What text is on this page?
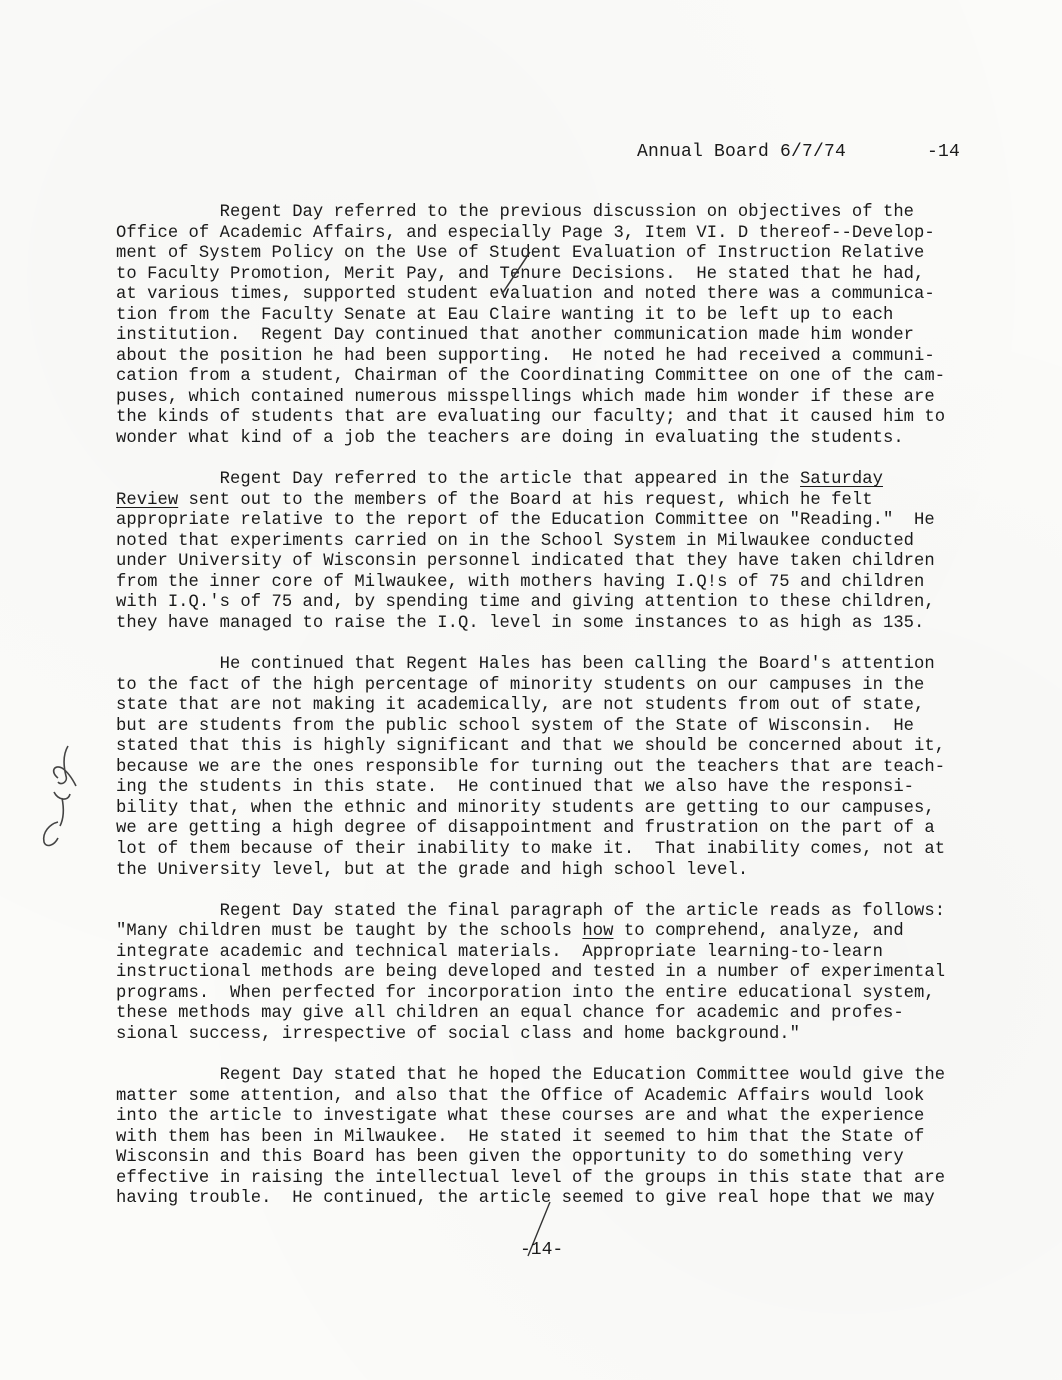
Annual Board 6/7/74	-14
Regent Day referred to the previous discussion on objectives of the
Office of Academic Affairs, and especially Page 3, Item VI. D thereof--Develop-
ment of System Policy on the Use of Student Evaluation of Instruction Relative
to Faculty Promotion, Merit Pay, and Tenure Decisions.  He stated that he had,
at various times, supported student evaluation and noted there was a communica-
tion from the Faculty Senate at Eau Claire wanting it to be left up to each
institution.  Regent Day continued that another communication made him wonder
about the position he had been supporting.  He noted he had received a communi-
cation from a student, Chairman of the Coordinating Committee on one of the cam-
puses, which contained numerous misspellings which made him wonder if these are
the kinds of students that are evaluating our faculty; and that it caused him to
wonder what kind of a job the teachers are doing in evaluating the students.
Regent Day referred to the article that appeared in the Saturday
Review sent out to the members of the Board at his request, which he felt
appropriate relative to the report of the Education Committee on "Reading."  He
noted that experiments carried on in the School System in Milwaukee conducted
under University of Wisconsin personnel indicated that they have taken children
from the inner core of Milwaukee, with mothers having I.Q!s of 75 and children
with I.Q.'s of 75 and, by spending time and giving attention to these children,
they have managed to raise the I.Q. level in some instances to as high as 135.
He continued that Regent Hales has been calling the Board's attention
to the fact of the high percentage of minority students on our campuses in the
state that are not making it academically, are not students from out of state,
but are students from the public school system of the State of Wisconsin.  He
stated that this is highly significant and that we should be concerned about it,
because we are the ones responsible for turning out the teachers that are teach-
ing the students in this state.  He continued that we also have the responsi-
bility that, when the ethnic and minority students are getting to our campuses,
we are getting a high degree of disappointment and frustration on the part of a
lot of them because of their inability to make it.  That inability comes, not at
the University level, but at the grade and high school level.
Regent Day stated the final paragraph of the article reads as follows:
"Many children must be taught by the schools how to comprehend, analyze, and
integrate academic and technical materials.  Appropriate learning-to-learn
instructional methods are being developed and tested in a number of experimental
programs.  When perfected for incorporation into the entire educational system,
these methods may give all children an equal chance for academic and profes-
sional success, irrespective of social class and home background."
Regent Day stated that he hoped the Education Committee would give the
matter some attention, and also that the Office of Academic Affairs would look
into the article to investigate what these courses are and what the experience
with them has been in Milwaukee.  He stated it seemed to him that the State of
Wisconsin and this Board has been given the opportunity to do something very
effective in raising the intellectual level of the groups in this state that are
having trouble.  He continued, the article seemed to give real hope that we may
-14-
